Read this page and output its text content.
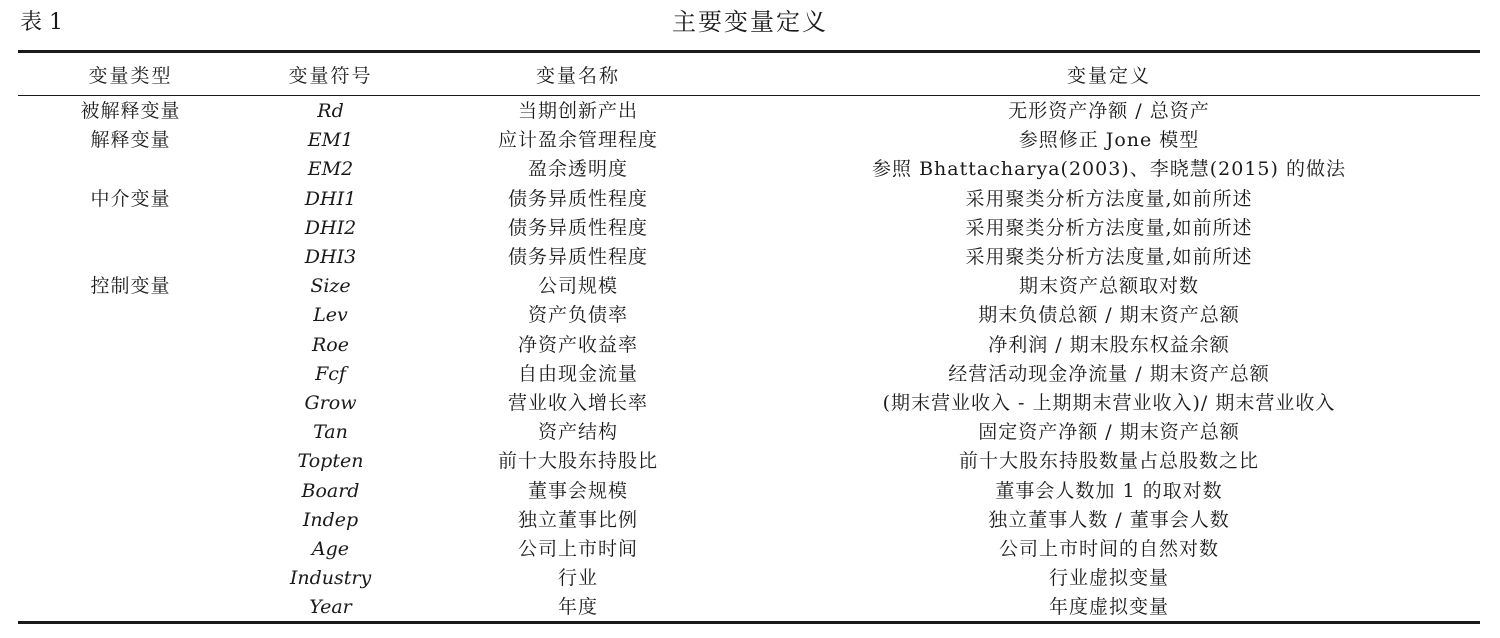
表 1	主要变量定义
变量类型	变量符号	变量名称	变量定义

被解释变量	Rd	当期创新产出	无形资产净额 / 总资产
解释变量	EM1	应计盈余管理程度	参照修正 Jone 模型
	EM2	盈余透明度	参照 Bhattacharya(2003)、李晓慧(2015) 的做法
中介变量	DHI1	债务异质性程度	采用聚类分析方法度量,如前所述
	DHI2	债务异质性程度	采用聚类分析方法度量,如前所述
	DHI3	债务异质性程度	采用聚类分析方法度量,如前所述
控制变量	Size	公司规模	期末资产总额取对数
	Lev	资产负债率	期末负债总额 / 期末资产总额
	Roe	净资产收益率	净利润 / 期末股东权益余额
	Fcf	自由现金流量	经营活动现金净流量 / 期末资产总额
	Grow	营业收入增长率	(期末营业收入 - 上期期末营业收入)/ 期末营业收入
	Tan	资产结构	固定资产净额 / 期末资产总额
	Topten	前十大股东持股比	前十大股东持股数量占总股数之比
	Board	董事会规模	董事会人数加 1 的取对数
	Indep	独立董事比例	独立董事人数 / 董事会人数
	Age	公司上市时间	公司上市时间的自然对数
	Industry	行业	行业虚拟变量
	Year	年度	年度虚拟变量
